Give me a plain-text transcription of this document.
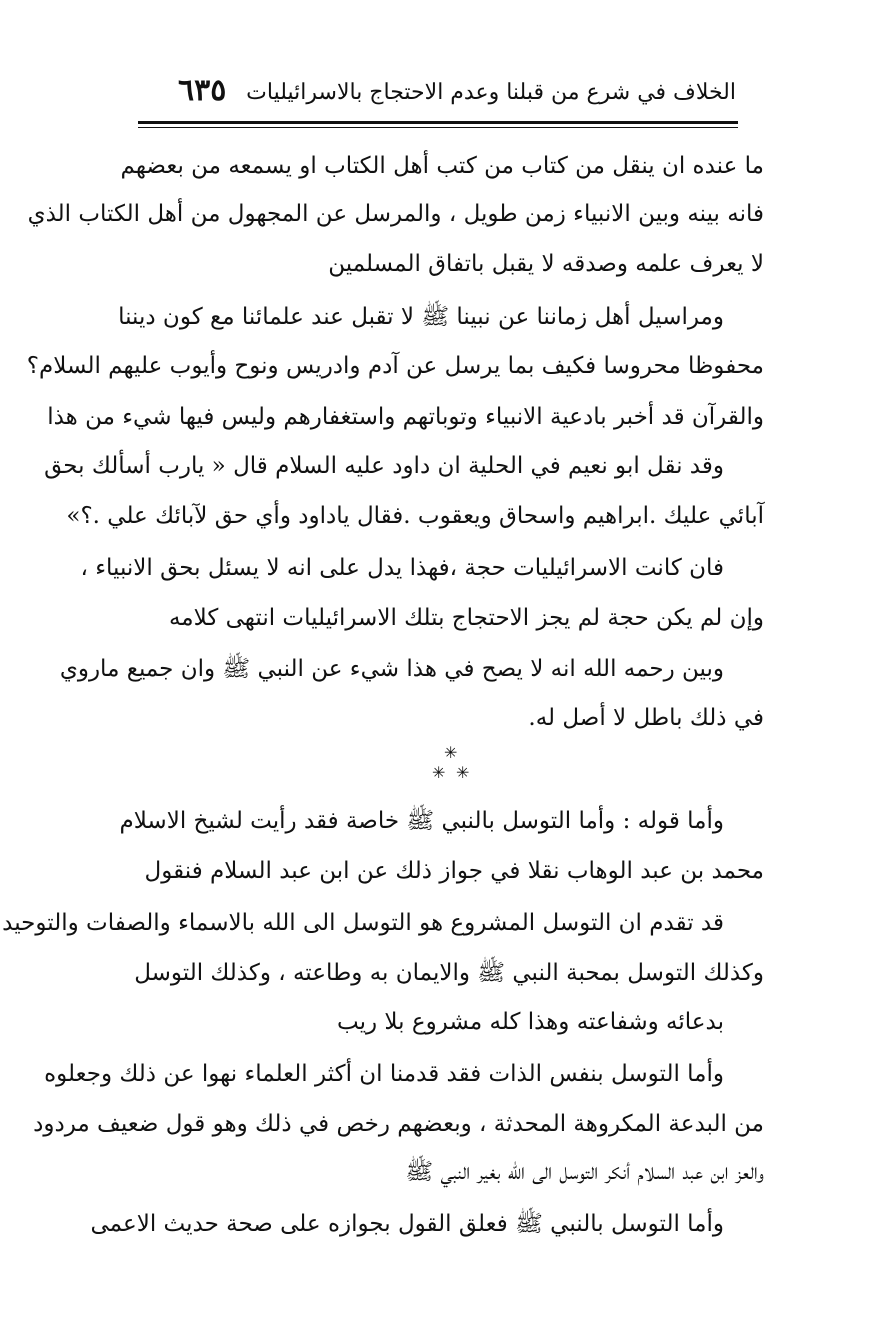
الخلاف في شرع من قبلنا وعدم الاحتجاج بالاسرائيليات
٦٣٥
ما عنده ان ينقل من كتاب من كتب أهل الكتاب او يسمعه من بعضهم
فانه بينه وبين الانبياء زمن طويل ، والمرسل عن المجهول من أهل الكتاب الذي
لا يعرف علمه وصدقه لا يقبل باتفاق المسلمين
ومراسيل أهل زماننا عن نبينا ﷺ لا تقبل عند علمائنا مع كون ديننا
محفوظا محروسا فكيف بما يرسل عن آدم وادريس ونوح وأيوب عليهم السلام؟
والقرآن قد أخبر بادعية الانبياء وتوباتهم واستغفارهم وليس فيها شيء من هذا
وقد نقل ابو نعيم في الحلية ان داود عليه السلام قال « يارب أسألك بحق
آبائي عليك .ابراهيم واسحاق ويعقوب .فقال ياداود وأي حق لآبائك علي .؟»
فان كانت الاسرائيليات حجة ،فهذا يدل على انه لا يسئل بحق الانبياء ،
وإن لم يكن حجة لم يجز الاحتجاج بتلك الاسرائيليات انتهى كلامه
وبين رحمه الله انه لا يصح في هذا شيء عن النبي ﷺ وان جميع ماروي
في ذلك باطل لا أصل له.
✳
✳ ✳
وأما قوله : وأما التوسل بالنبي ﷺ خاصة فقد رأيت لشيخ الاسلام
محمد بن عبد الوهاب نقلا في جواز ذلك عن ابن عبد السلام فنقول
قد تقدم ان التوسل المشروع هو التوسل الى الله بالاسماء والصفات والتوحيد
وكذلك التوسل بمحبة النبي ﷺ والايمان به وطاعته ، وكذلك التوسل
بدعائه وشفاعته وهذا كله مشروع بلا ريب
وأما التوسل بنفس الذات فقد قدمنا ان أكثر العلماء نهوا عن ذلك وجعلوه
من البدعة المكروهة المحدثة ، وبعضهم رخص في ذلك وهو قول ضعيف مردود
والعز ابن عبد السلام أنكر التوسل الى الله بغير النبي ﷺ
وأما التوسل بالنبي ﷺ فعلق القول بجوازه على صحة حديث الاعمى
